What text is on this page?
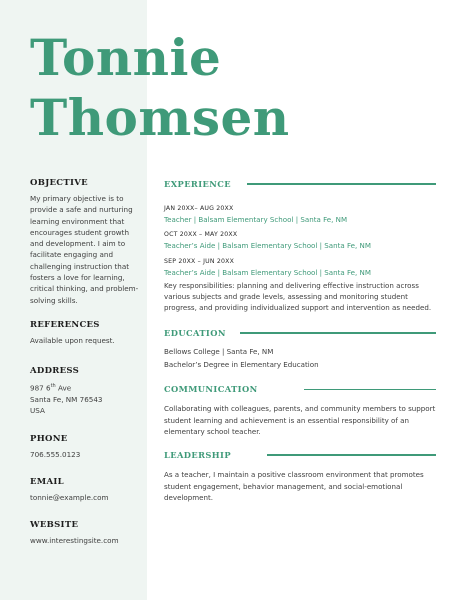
Tonnie
Thomsen
OBJECTIVE

My primary objective is to provide a safe and nurturing learning environment that encourages student growth and development. I aim to facilitate engaging and challenging instruction that fosters a love for learning, critical thinking, and problem-solving skills.

REFERENCES

Available upon request.

ADDRESS

987 6th Ave

Santa Fe, NM 76543

USA

PHONE

706.555.0123

EMAIL

tonnie@example.com

WEBSITE

www.interestingsite.com

EXPERIENCE

JAN 20XX– AUG 20XX

Teacher | Balsam Elementary School | Santa Fe, NM

OCT 20XX – MAY 20XX

Teacher’s Aide | Balsam Elementary School | Santa Fe, NM

SEP 20XX – JUN 20XX

Teacher’s Aide | Balsam Elementary School | Santa Fe, NM

Key responsibilities: planning and delivering effective instruction across various subjects and grade levels, assessing and monitoring student progress, and providing individualized support and intervention as needed.

EDUCATION

Bellows College | Santa Fe, NM

Bachelor’s Degree in Elementary Education

COMMUNICATION

Collaborating with colleagues, parents, and community members to support student learning and achievement is an essential responsibility of an elementary school teacher.

LEADERSHIP

As a teacher, I maintain a positive classroom environment that promotes student engagement, behavior management, and social-emotional development.
